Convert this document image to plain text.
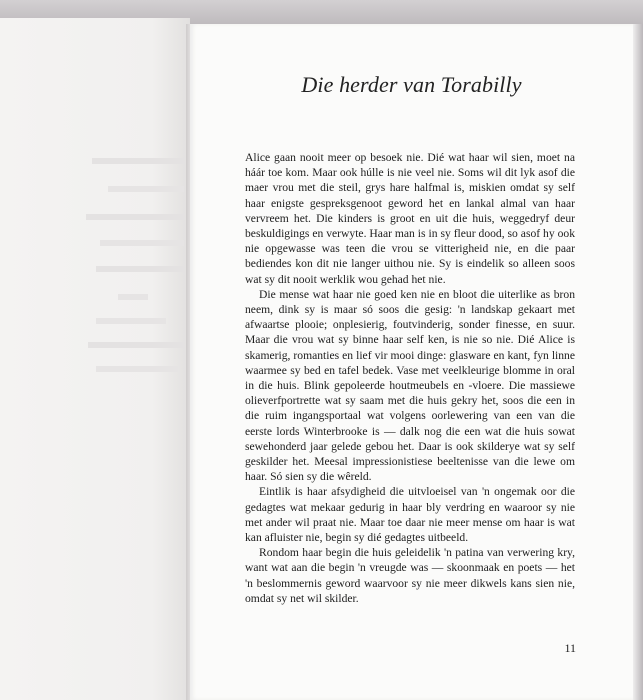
Die herder van Torabilly

Alice gaan nooit meer op besoek nie. Dié wat haar wil sien, moet na háár toe kom. Maar ook húlle is nie veel nie. Soms wil dit lyk asof die maer vrou met die steil, grys hare halfmal is, miskien omdat sy self haar enigste gespreksgenoot geword het en lankal almal van haar vervreem het. Die kinders is groot en uit die huis, weggedryf deur beskuldigings en verwyte. Haar man is in sy fleur dood, so asof hy ook nie opgewasse was teen die vrou se vitterigheid nie, en die paar bediendes kon dit nie langer uithou nie. Sy is eindelik so alleen soos wat sy dit nooit werklik wou gehad het nie.

Die mense wat haar nie goed ken nie en bloot die uiterlike as bron neem, dink sy is maar só soos die gesig: 'n landskap gekaart met afwaartse plooie; onplesierig, foutvinderig, sonder finesse, en suur. Maar die vrou wat sy binne haar self ken, is nie so nie. Dié Alice is skamerig, romanties en lief vir mooi dinge: glasware en kant, fyn linne waarmee sy bed en tafel bedek. Vase met veelkleurige blomme in oral in die huis. Blink gepoleerde houtmeubels en -vloere. Die massiewe olieverfportrette wat sy saam met die huis gekry het, soos die een in die ruim ingangsportaal wat volgens oorlewering van een van die eerste lords Winterbrooke is — dalk nog die een wat die huis sowat sewehonderd jaar gelede gebou het. Daar is ook skilderye wat sy self geskilder het. Meesal impressionistiese beeltenisse van die lewe om haar. Só sien sy die wêreld.

Eintlik is haar afsydigheid die uitvloeisel van 'n ongemak oor die gedagtes wat mekaar gedurig in haar bly verdring en waaroor sy nie met ander wil praat nie. Maar toe daar nie meer mense om haar is wat kan afluister nie, begin sy dié gedagtes uitbeeld.

Rondom haar begin die huis geleidelik 'n patina van verwering kry, want wat aan die begin 'n vreugde was — skoonmaak en poets — het 'n beslommernis geword waarvoor sy nie meer dikwels kans sien nie, omdat sy net wil skilder.

11
